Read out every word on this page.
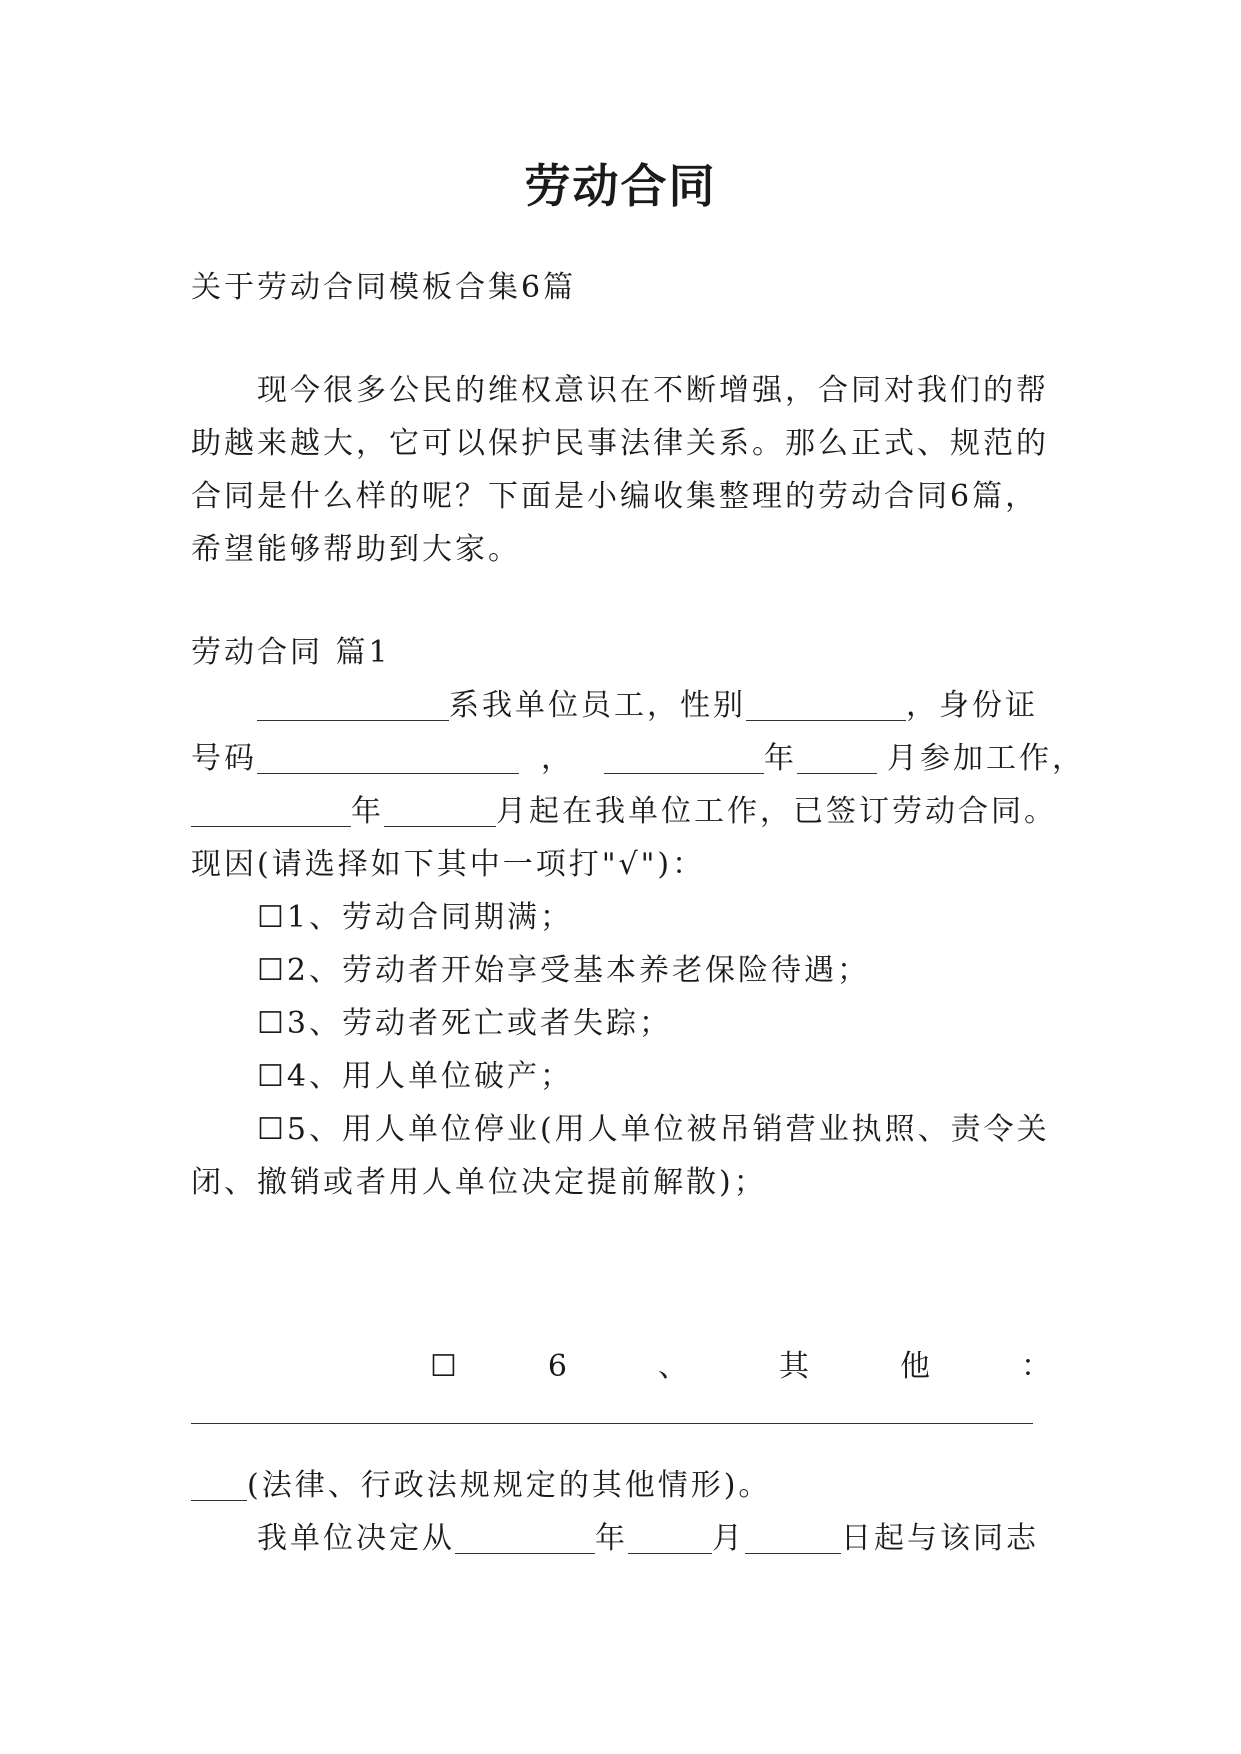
劳动合同
关于劳动合同模板合集6篇
现今很多公民的维权意识在不断增强，合同对我们的帮
助越来越大，它可以保护民事法律关系。那么正式、规范的
合同是什么样的呢？下面是小编收集整理的劳动合同6篇，
希望能够帮助到大家。
劳动合同 篇1
系我单位员工，性别	，身份证
号码	，	年	月参加工作，
年	月起在我单位工作，已签订劳动合同。
现因(请选择如下其中一项打"√")：
☐1、劳动合同期满；
☐2、劳动者开始享受基本养老保险待遇；
☐3、劳动者死亡或者失踪；
☐4、用人单位破产；
☐5、用人单位停业(用人单位被吊销营业执照、责令关
闭、撤销或者用人单位决定提前解散)；
☐	6	、	其	他	：
(法律、行政法规规定的其他情形)。
我单位决定从	年	月	日起与该同志
